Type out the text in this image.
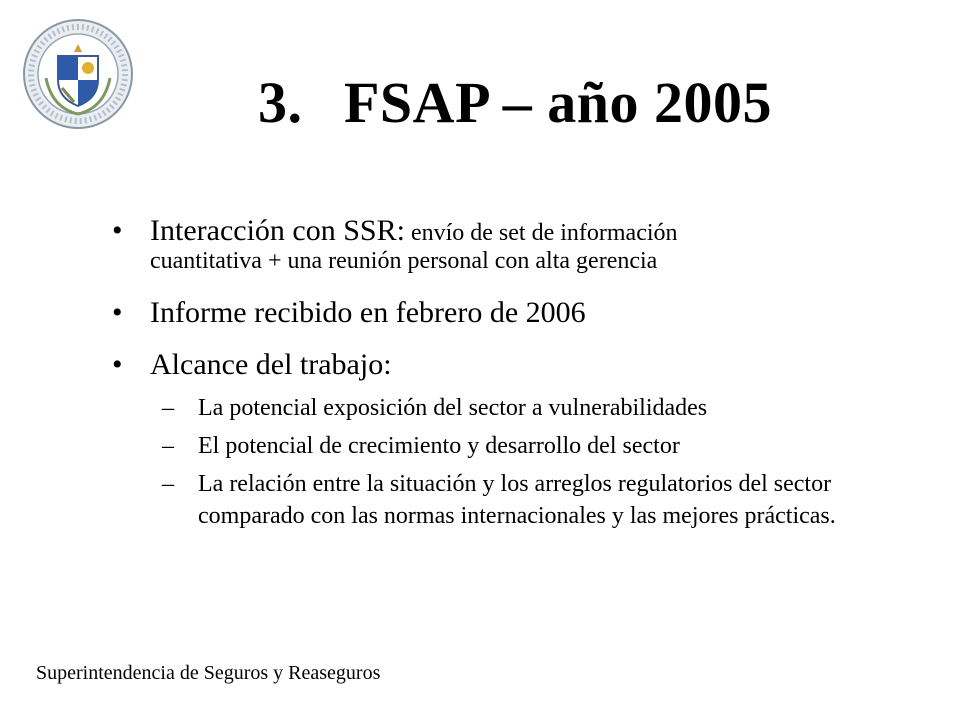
3. FSAP – año 2005
• Interacción con SSR: envío de set de información
cuantitativa + una reunión personal con alta gerencia
• Informe recibido en febrero de 2006
• Alcance del trabajo:
– La potencial exposición del sector a vulnerabilidades
– El potencial de crecimiento y desarrollo del sector
– La relación entre la situación y los arreglos regulatorios del sector comparado con las normas internacionales y las mejores prácticas.
Superintendencia de Seguros y Reaseguros
